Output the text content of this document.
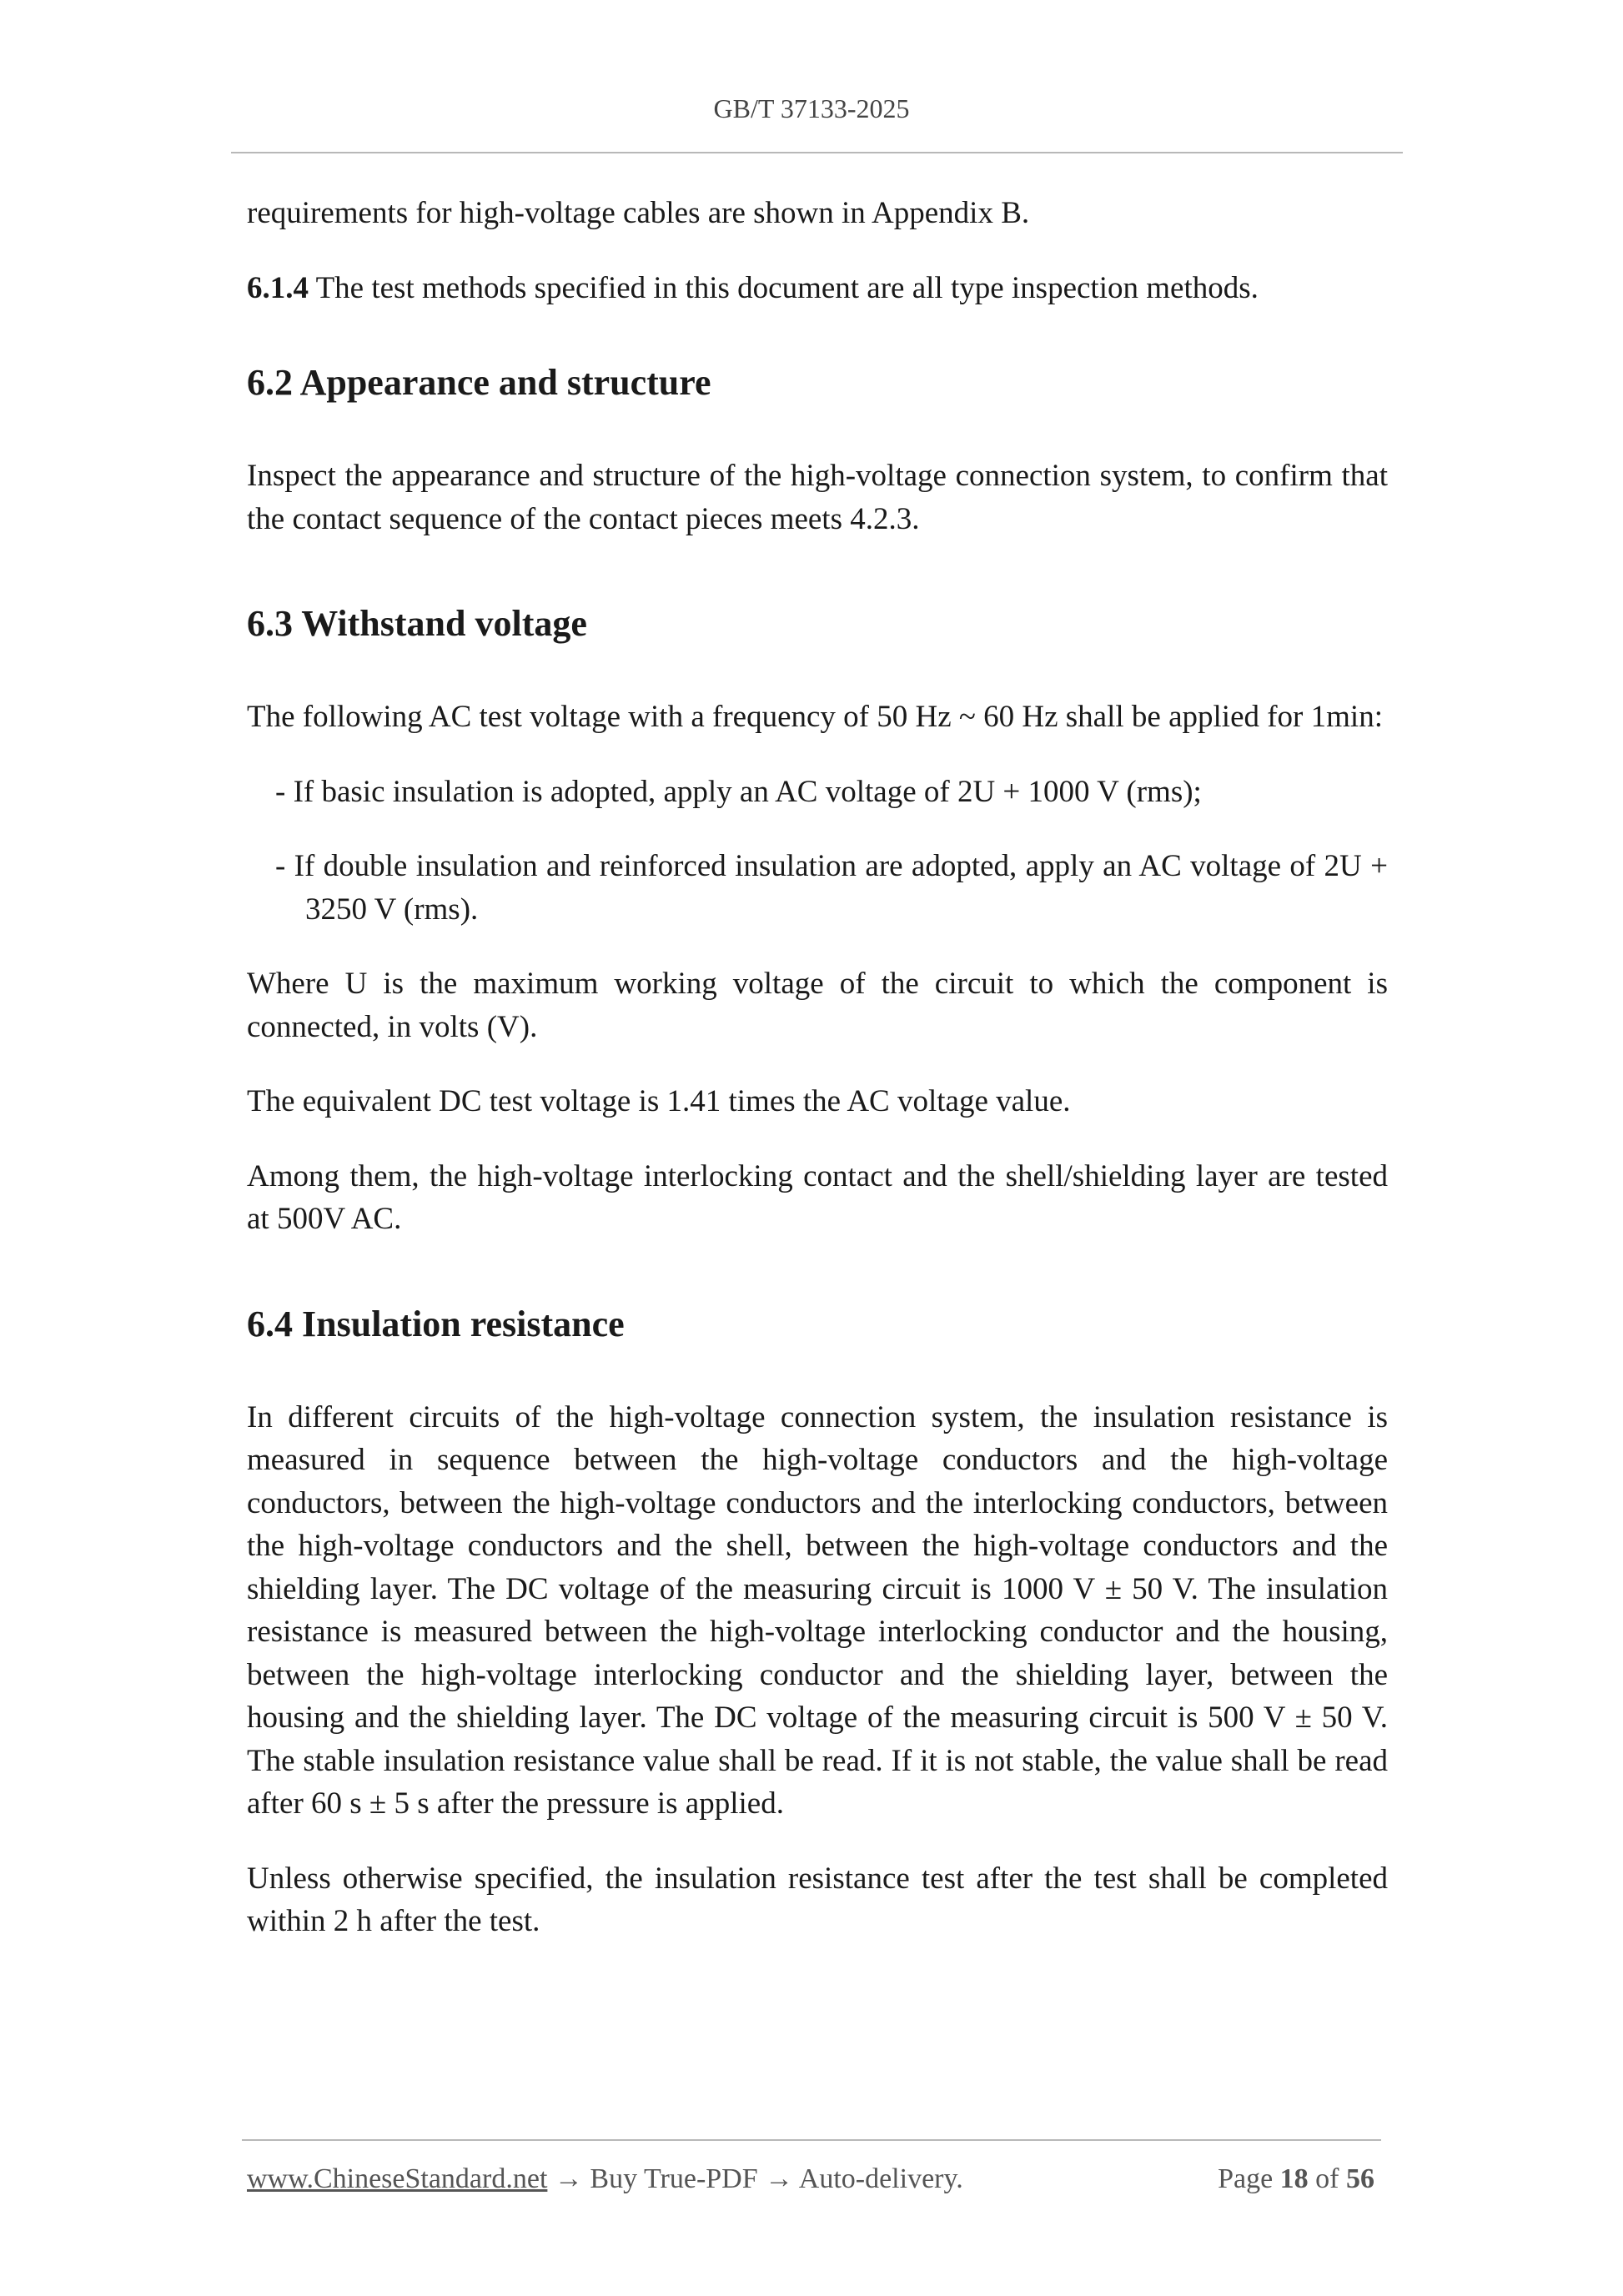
GB/T 37133-2025

requirements for high-voltage cables are shown in Appendix B.

6.1.4 The test methods specified in this document are all type inspection methods.

6.2 Appearance and structure

Inspect the appearance and structure of the high-voltage connection system, to confirm that the contact sequence of the contact pieces meets 4.2.3.

6.3 Withstand voltage

The following AC test voltage with a frequency of 50 Hz ~ 60 Hz shall be applied for 1min:

- If basic insulation is adopted, apply an AC voltage of 2U + 1000 V (rms);
- If double insulation and reinforced insulation are adopted, apply an AC voltage of 2U + 3250 V (rms).

Where U is the maximum working voltage of the circuit to which the component is connected, in volts (V).

The equivalent DC test voltage is 1.41 times the AC voltage value.

Among them, the high-voltage interlocking contact and the shell/shielding layer are tested at 500V AC.

6.4 Insulation resistance

In different circuits of the high-voltage connection system, the insulation resistance is measured in sequence between the high-voltage conductors and the high-voltage conductors, between the high-voltage conductors and the interlocking conductors, between the high-voltage conductors and the shell, between the high-voltage conductors and the shielding layer. The DC voltage of the measuring circuit is 1000 V ± 50 V. The insulation resistance is measured between the high-voltage interlocking conductor and the housing, between the high-voltage interlocking conductor and the shielding layer, between the housing and the shielding layer. The DC voltage of the measuring circuit is 500 V ± 50 V. The stable insulation resistance value shall be read. If it is not stable, the value shall be read after 60 s ± 5 s after the pressure is applied.

Unless otherwise specified, the insulation resistance test after the test shall be completed within 2 h after the test.

www.ChineseStandard.net → Buy True-PDF → Auto-delivery.	Page 18 of 56
